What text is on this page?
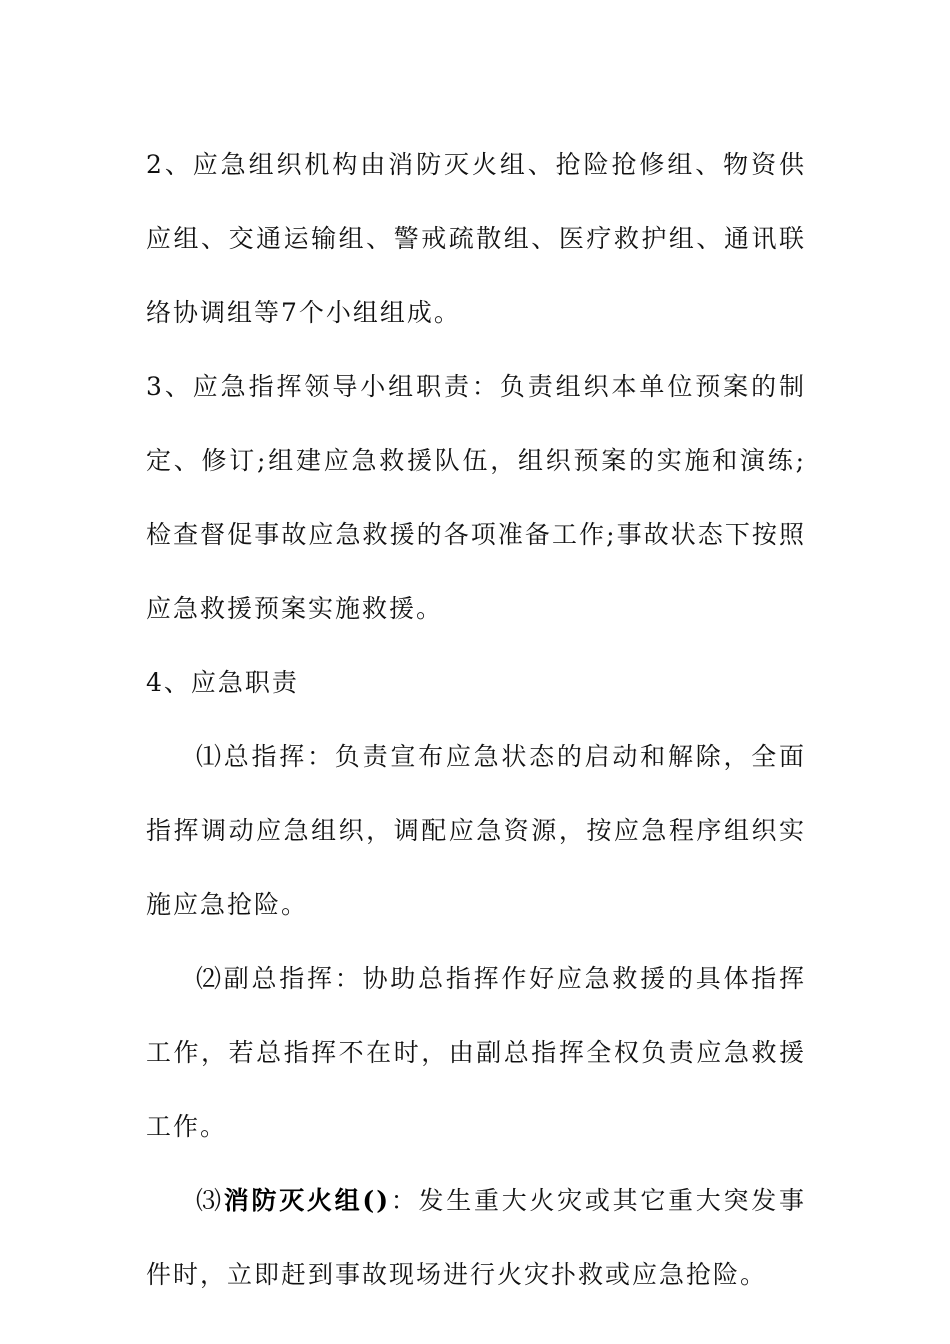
2、应急组织机构由消防灭火组、抢险抢修组、物资供应组、交通运输组、警戒疏散组、医疗救护组、通讯联络协调组等7个小组组成。

3、应急指挥领导小组职责：负责组织本单位预案的制定、修订;组建应急救援队伍，组织预案的实施和演练;检查督促事故应急救援的各项准备工作;事故状态下按照应急救援预案实施救援。

4、应急职责

⑴总指挥：负责宣布应急状态的启动和解除，全面指挥调动应急组织，调配应急资源，按应急程序组织实施应急抢险。

⑵副总指挥：协助总指挥作好应急救援的具体指挥工作，若总指挥不在时，由副总指挥全权负责应急救援工作。

⑶消防灭火组()：发生重大火灾或其它重大突发事件时，立即赶到事故现场进行火灾扑救或应急抢险。
